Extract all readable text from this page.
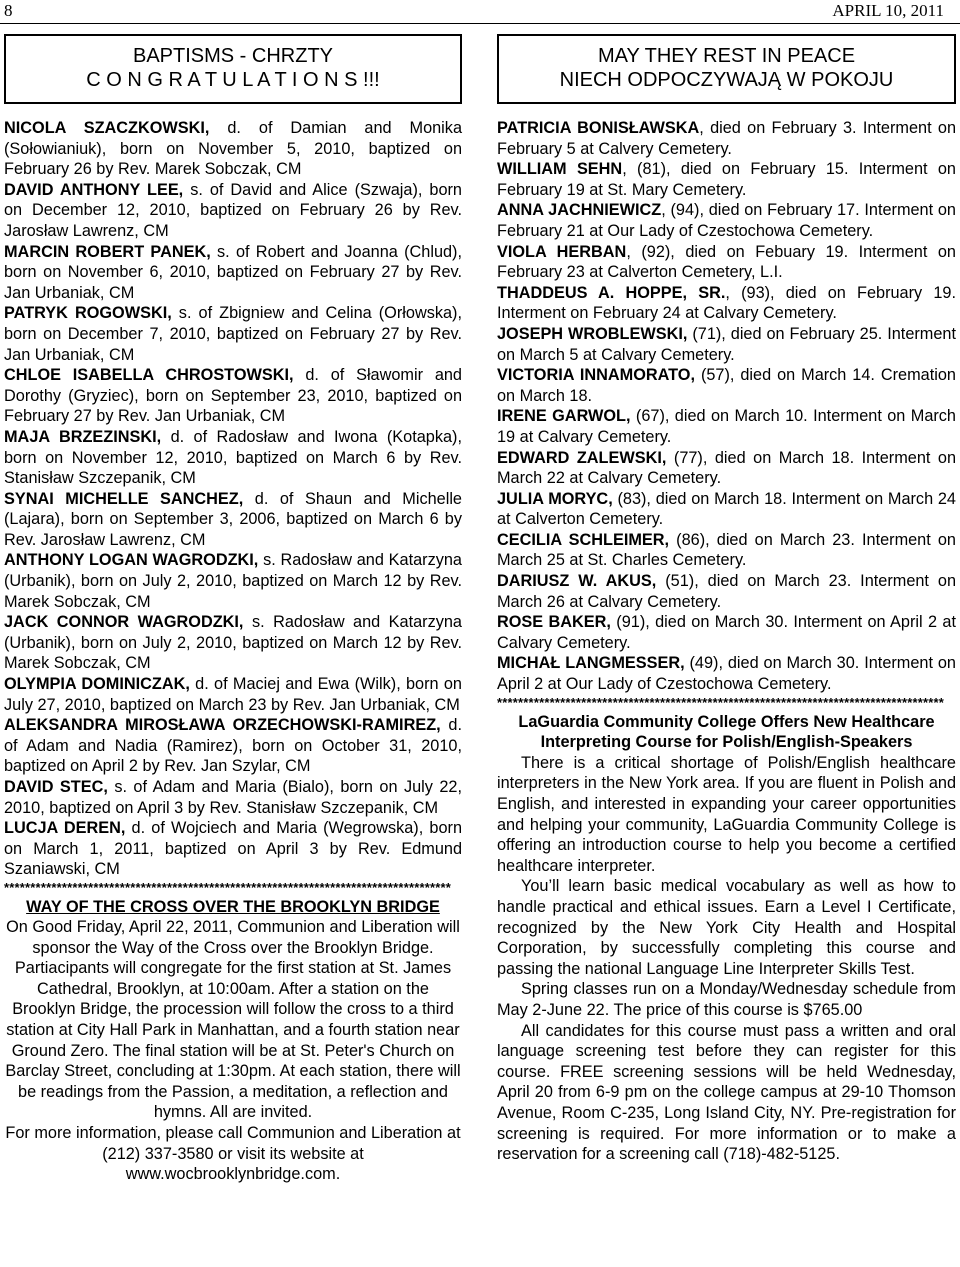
8	APRIL 10, 2011
BAPTISMS - CHRZTY
C O N G R A T U L A T I O N S !!!

NICOLA SZACZKOWSKI, d. of Damian and Monika (Sołowianiuk), born on November 5, 2010, baptized on February 26 by Rev. Marek Sobczak, CM

DAVID ANTHONY LEE, s. of David and Alice (Szwaja), born on December 12, 2010, baptized on February 26 by Rev. Jarosław Lawrenz, CM

MARCIN ROBERT PANEK, s. of Robert and Joanna (Chlud), born on November 6, 2010, baptized on February 27 by Rev. Jan Urbaniak, CM

PATRYK ROGOWSKI, s. of Zbigniew and Celina (Orłowska), born on December 7, 2010, baptized on February 27 by Rev. Jan Urbaniak, CM

CHLOE ISABELLA CHROSTOWSKI, d. of Sławomir and Dorothy (Gryziec), born on September 23, 2010, baptized on February 27 by Rev. Jan Urbaniak, CM

MAJA BRZEZINSKI, d. of Radosław and Iwona (Kotapka), born on November 12, 2010, baptized on March 6 by Rev. Stanisław Szczepanik, CM

SYNAI MICHELLE SANCHEZ, d. of Shaun and Michelle (Lajara), born on September 3, 2006, baptized on March 6 by Rev. Jarosław Lawrenz, CM

ANTHONY LOGAN WAGRODZKI, s. Radosław and Katarzyna (Urbanik), born on July 2, 2010, baptized on March 12 by Rev. Marek Sobczak, CM

JACK CONNOR WAGRODZKI, s. Radosław and Katarzyna (Urbanik), born on July 2, 2010, baptized on March 12 by Rev. Marek Sobczak, CM

OLYMPIA DOMINICZAK, d. of Maciej and Ewa (Wilk), born on July 27, 2010, baptized on March 23 by Rev. Jan Urbaniak, CM

ALEKSANDRA MIROSŁAWA ORZECHOWSKI-RAMIREZ, d. of Adam and Nadia (Ramirez), born on October 31, 2010, baptized on April 2 by Rev. Jan Szylar, CM

DAVID STEC, s. of Adam and Maria (Bialo), born on July 22, 2010, baptized on April 3 by Rev. Stanisław Szczepanik, CM

LUCJA DEREN, d. of Wojciech and Maria (Wegrowska), born on March 1, 2011, baptized on April 3 by Rev. Edmund Szaniawski, CM

*************************************************************************************
WAY OF THE CROSS OVER THE BROOKLYN BRIDGE
On Good Friday, April 22, 2011, Communion and Liberation will sponsor the Way of the Cross over the Brooklyn Bridge. Partiacipants will congregate for the first station at St. James Cathedral, Brooklyn, at 10:00am. After a station on the Brooklyn Bridge, the procession will follow the cross to a third station at City Hall Park in Manhattan, and a fourth station near Ground Zero. The final station will be at St. Peter's Church on Barclay Street, concluding at 1:30pm. At each station, there will be readings from the Passion, a meditation, a reflection and hymns. All are invited.
For more information, please call Communion and Liberation at (212) 337-3580 or visit its website at www.wocbrooklynbridge.com.
MAY THEY REST IN PEACE
NIECH ODPOCZYWAJĄ W POKOJU

PATRICIA BONISŁAWSKA, died on February 3. Interment on February 5 at Calvery Cemetery.

WILLIAM SEHN, (81), died on February 15. Interment on February 19 at St. Mary Cemetery.

ANNA JACHNIEWICZ, (94), died on February 17. Interment on February 21 at Our Lady of Czestochowa Cemetery.

VIOLA HERBAN, (92), died on Febuary 19. Interment on February 23 at Calverton Cemetery, L.I.

THADDEUS A. HOPPE, SR., (93), died on February 19. Interment on February 24 at Calvary Cemetery.

JOSEPH WROBLEWSKI, (71), died on February 25. Interment on March 5 at Calvary Cemetery.

VICTORIA INNAMORATO, (57), died on March 14. Cremation on March 18.

IRENE GARWOL, (67), died on March 10. Interment on March 19 at Calvary Cemetery.

EDWARD ZALEWSKI, (77), died on March 18. Interment on March 22 at Calvary Cemetery.

JULIA MORYC, (83), died on March 18. Interment on March 24 at Calverton Cemetery.

CECILIA SCHLEIMER, (86), died on March 23. Interment on March 25 at St. Charles Cemetery.

DARIUSZ W. AKUS, (51), died on March 23. Interment on March 26 at Calvary Cemetery.

ROSE BAKER, (91), died on March 30. Interment on April 2 at Calvary Cemetery.

MICHAŁ LANGMESSER, (49), died on March 30. Interment on April 2 at Our Lady of Czestochowa Cemetery.

*************************************************************************************
LaGuardia Community College Offers New Healthcare Interpreting Course for Polish/English-Speakers

There is a critical shortage of Polish/English healthcare interpreters in the New York area. If you are fluent in Polish and English, and interested in expanding your career opportunities and helping your community, LaGuardia Community College is offering an introduction course to help you become a certified healthcare interpreter.

You’ll learn basic medical vocabulary as well as how to handle practical and ethical issues. Earn a Level I Certificate, recognized by the New York City Health and Hospital Corporation, by successfully completing this course and passing the national Language Line Interpreter Skills Test.

Spring classes run on a Monday/Wednesday schedule from May 2-June 22. The price of this course is $765.00

All candidates for this course must pass a written and oral language screening test before they can register for this course. FREE screening sessions will be held Wednesday, April 20 from 6-9 pm on the college campus at 29-10 Thomson Avenue, Room C-235, Long Island City, NY. Pre-registration for screening is required. For more information or to make a reservation for a screening call (718)-482-5125.
